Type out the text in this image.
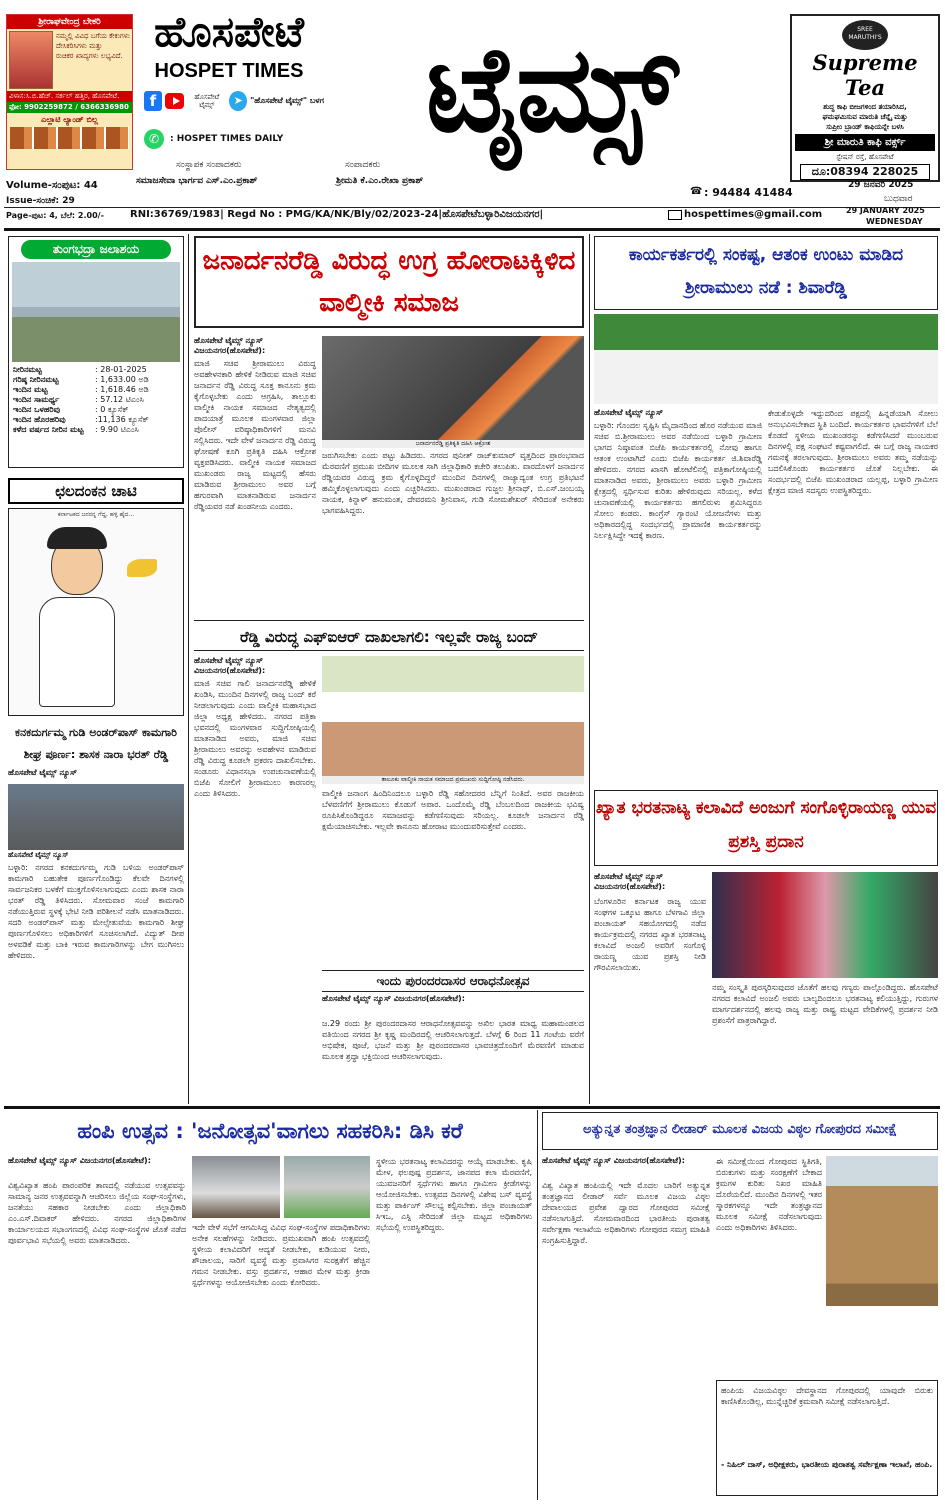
ಶ್ರೀರಾಘವೇಂದ್ರ ಬೇಕರಿ
ನಮ್ಮಲ್ಲಿ ವಿವಿಧ ಬಗೆಯ ಕೇಕುಗಳು
ದೇಸಿಕರಿಸಿಗಳು ಮತ್ತು
ರುಚಿಕರ ಖಾದ್ಯಗಳು ಲಭ್ಯವಿದೆ.
ವಿಳಾಸ:ಸಿ.ಬಿ.ಹೆಚ್. ಸರ್ಕಲ್ ಹತ್ತಿರ, ಹೊಸಪೇಟೆ.
ಫೋ: 9902259872 / 6366336980
ಎಲ್ಲಾಟಿ ಲ್ಯಾಂಡ್ ಬಿಲ್ಲ
ಹೊಸಪೇಟೆ
HOSPET TIMES	ಟೈಮ್ಸ್
f	ಹೊಸಪೇಟೆ ಟೈಮ್ಸ್	➤ "ಹೊಸಪೇಟೆ ಟೈಮ್ಸ್" ಬಳಗ
✆	: HOSPET TIMES DAILY
ಸಂಸ್ಥಾಪಕ ಸಂಪಾದಕರು	ಸಂಪಾದಕರು
ಸಮಾಜಸೇವಾ ಭಾರ್ಗವ ಎಸ್.ಎಂ.ಪ್ರಕಾಶ್	ಶ್ರೀಮತಿ ಕೆ.ಎಂ.ರೇಖಾ ಪ್ರಕಾಶ್
SREE MARUTHI'S
Supreme Tea
ಶುದ್ಧ ಕಾಫಿ ಬೀಜಗಳಿಂದ ತಯಾರಿಸಿದ,
ಘಮಘಮಿಸುವ ಮಾರುತಿ ಚೆನ್ನೈ ಮತ್ತು
ಸುಪ್ರೀಂ ಬ್ರಾಂಡ್ ಕಾಫಿಯನ್ನೇ ಬಳಸಿ
ಶ್ರೀ ಮಾರುತಿ ಕಾಫಿ ವರ್ಕ್ಸ್
ಸ್ಟೇಷನ್ ರಸ್ತೆ, ಹೊಸಪೇಟೆ
ದೂ:08394 228025
☎ : 94484 41484
29 ಜನವರಿ 2025
ಬುಧವಾರ
Volume-ಸಂಪುಟ: 44
Issue-ಸಂಚಿಕೆ: 29
Page-ಪುಟ: 4, ಬೆಲೆ: 2.00/-	RNI:36769/1983| Regd No : PMG/KA/NK/Bly/02/2023-24|ಹೊಸಪೇಟೆಬಳ್ಳಾರಿವಿಜಯನಗರ|	hospettimes@gmail.com	29 JANUARY 2025
WEDNESDAY
ತುಂಗಭದ್ರಾ ಜಲಾಶಯ
ನೀರಿನಮಟ್ಟ	: 28-01-2025
ಗರಿಷ್ಠ ನೀರಿನಮಟ್ಟ	: 1,633.00 ಅಡಿ
ಇಂದಿನ ಮಟ್ಟ	: 1,618.46 ಅಡಿ
ಇಂದಿನ ಸಾಮರ್ಥ್ಯ	: 57.12 ಟಿಎಂಸಿ
ಇಂದಿನ ಒಳಹರಿವು	: 0 ಕ್ಯೂಸೆಕ್
ಇಂದಿನ ಹೊರಹರಿವು	:11,136 ಕ್ಯೂಸೆಕ್
ಕಳೆದ ವರ್ಷದ ನೀರಿನ ಮಟ್ಟ	: 9.90 ಟಿಎಂಸಿ
ಛಲದಂಕನ ಚಾಟಿ
ಕರ್ನಾಟಕದ ಜನರನ್ನ ಗೆದ್ದ, ಹಳ್ಳಿ ಹೈದ...
ಕನಕದುರ್ಗಮ್ಮ ಗುಡಿ ಅಂಡರ್‌ಪಾಸ್ ಕಾಮಗಾರಿ ಶೀಘ್ರ ಪೂರ್ಣ: ಶಾಸಕ ನಾರಾ ಭರತ್ ರೆಡ್ಡಿ
ಹೊಸಪೇಟೆ ಟೈಮ್ಸ್ ನ್ಯೂಸ್
ಹೊಸಪೇಟೆ ಟೈಮ್ಸ್ ನ್ಯೂಸ್
ಬಳ್ಳಾರಿ: ನಗರದ ಕನಕದುರ್ಗಮ್ಮ ಗುಡಿ ಬಳಿಯ ಅಂಡರ್‌ಪಾಸ್ ಕಾಮಗಾರಿ ಬಹುತೇಕ ಪೂರ್ಣಗೊಂಡಿದ್ದು ಕೆಲವೇ ದಿನಗಳಲ್ಲಿ ಸಾರ್ವಜನಿಕರ ಬಳಕೆಗೆ ಮುಕ್ತಗೊಳಿಸಲಾಗುವುದು ಎಂದು ಶಾಸಕ ನಾರಾ ಭರತ್ ರೆಡ್ಡಿ ತಿಳಿಸಿದರು. ಸೋಮವಾರ ಸಂಜೆ ಕಾಮಗಾರಿ ನಡೆಯುತ್ತಿರುವ ಸ್ಥಳಕ್ಕೆ ಭೇಟಿ ನೀಡಿ ಪರಿಶೀಲನೆ ನಡೆಸಿ ಮಾತನಾಡಿದರು. ಸದರಿ ಅಂಡರ್‌ಪಾಸ್ ಮತ್ತು ಮೇಲ್ಸೇತುವೆಯ ಕಾಮಗಾರಿ ಶೀಘ್ರ ಪೂರ್ಣಗೊಳಿಸಲು ಅಧಿಕಾರಿಗಳಿಗೆ ಸೂಚಿಸಲಾಗಿದೆ. ವಿದ್ಯುತ್ ದೀಪ ಅಳವಡಿಕೆ ಮತ್ತು ಬಾಕಿ ಇರುವ ಕಾಮಗಾರಿಗಳನ್ನು ಬೇಗ ಮುಗಿಸಲು ಹೇಳಿದರು.
ಜನಾರ್ದನರೆಡ್ಡಿ ವಿರುದ್ಧ ಉಗ್ರ ಹೋರಾಟಕ್ಕಿಳಿದ ವಾಲ್ಮೀಕಿ ಸಮಾಜ
ಹೊಸಪೇಟೆ ಟೈಮ್ಸ್ ನ್ಯೂಸ್ ವಿಜಯನಗರ(ಹೊಸಪೇಟೆ):
ಮಾಜಿ ಸಚಿವ ಶ್ರೀರಾಮುಲು ವಿರುದ್ಧ ಅವಹೇಳನಕಾರಿ ಹೇಳಿಕೆ ನೀಡಿರುವ ಮಾಜಿ ಸಚಿವ ಜನಾರ್ದನ ರೆಡ್ಡಿ ವಿರುದ್ಧ ಸೂಕ್ತ ಕಾನೂನು ಕ್ರಮ ಕೈಗೊಳ್ಳಬೇಕು ಎಂದು ಆಗ್ರಹಿಸಿ, ತಾಲ್ಲೂಕು ವಾಲ್ಮೀಕಿ ನಾಯಕ ಸಮಾಜದ ನೇತೃತ್ವದಲ್ಲಿ ಪಾದಯಾತ್ರೆ ಮೂಲಕ ಮಂಗಳವಾರ ಜಿಲ್ಲಾ ಪೊಲೀಸ್ ವರಿಷ್ಠಾಧಿಕಾರಿಗಳಿಗೆ ಮನವಿ ಸಲ್ಲಿಸಿದರು. ಇದೇ ವೇಳೆ ಜನಾರ್ದನ ರೆಡ್ಡಿ ವಿರುದ್ಧ ಘೋಷಣೆ ಕೂಗಿ ಪ್ರತಿಕೃತಿ ದಹಿಸಿ ಆಕ್ರೋಶ ವ್ಯಕ್ತಪಡಿಸಿದರು. ವಾಲ್ಮೀಕಿ ನಾಯಕ ಸಮಾಜದ ಮುಖಂಡರು ರಾಜ್ಯ ಮಟ್ಟದಲ್ಲಿ ಹೆಸರು ಮಾಡಿರುವ ಶ್ರೀರಾಮುಲು ಅವರ ಬಗ್ಗೆ ಹಗುರವಾಗಿ ಮಾತನಾಡಿರುವ ಜನಾರ್ದನ ರೆಡ್ಡಿಯವರ ನಡೆ ಖಂಡನೀಯ ಎಂದರು.
ಜನಾರ್ದನರೆಡ್ಡಿ ಪ್ರತಿಕೃತಿ ದಹಿಸಿ ಆಕ್ರೋಶ
ಜರುಗಿಸಬೇಕು ಎಂದು ಪಟ್ಟು ಹಿಡಿದರು. ನಗರದ ಪುನೀತ್ ರಾಜ್‌ಕುಮಾರ್ ವೃತ್ತದಿಂದ ಪ್ರಾರಂಭವಾದ ಮೆರವಣಿಗೆ ಪ್ರಮುಖ ಬೀದಿಗಳ ಮೂಲಕ ಸಾಗಿ ಜಿಲ್ಲಾಧಿಕಾರಿ ಕಚೇರಿ ತಲುಪಿತು. ವಾರದೊಳಗೆ ಜನಾರ್ದನ ರೆಡ್ಡಿಯವರ ವಿರುದ್ಧ ಕ್ರಮ ಕೈಗೊಳ್ಳದಿದ್ದರೆ ಮುಂದಿನ ದಿನಗಳಲ್ಲಿ ರಾಜ್ಯಾದ್ಯಂತ ಉಗ್ರ ಪ್ರತಿಭಟನೆ ಹಮ್ಮಿಕೊಳ್ಳಲಾಗುವುದು ಎಂದು ಎಚ್ಚರಿಸಿದರು. ಮುಖಂಡರಾದ ಗುಜ್ಜಲ ಶ್ರೀನಾಥ್, ಬಿ.ಎಸ್.ಜಂಬಯ್ಯ ನಾಯಕ, ಕಿನ್ನಾಳ್ ಹನುಮಂತ, ದೇವರಮನಿ ಶ್ರೀನಿವಾಸ, ಗುಡಿ ಸೋಮಶೇಖರ್ ಸೇರಿದಂತೆ ಅನೇಕರು ಭಾಗವಹಿಸಿದ್ದರು.
ರೆಡ್ಡಿ ವಿರುದ್ಧ ಎಫ್‌ಐಆರ್ ದಾಖಲಾಗಲಿ: ಇಲ್ಲವೇ ರಾಜ್ಯ ಬಂದ್
ಹೊಸಪೇಟೆ ಟೈಮ್ಸ್ ನ್ಯೂಸ್ ವಿಜಯನಗರ(ಹೊಸಪೇಟೆ):
ಮಾಜಿ ಸಚಿವ ಗಾಲಿ ಜನಾರ್ದನರೆಡ್ಡಿ ಹೇಳಿಕೆ ಖಂಡಿಸಿ, ಮುಂದಿನ ದಿನಗಳಲ್ಲಿ ರಾಜ್ಯ ಬಂದ್ ಕರೆ ನೀಡಲಾಗುವುದು ಎಂದು ವಾಲ್ಮೀಕಿ ಮಹಾಸಭಾದ ಜಿಲ್ಲಾ ಅಧ್ಯಕ್ಷ ಹೇಳಿದರು. ನಗರದ ಪತ್ರಿಕಾ ಭವನದಲ್ಲಿ ಮಂಗಳವಾರ ಸುದ್ದಿಗೋಷ್ಠಿಯಲ್ಲಿ ಮಾತನಾಡಿದ ಅವರು, ಮಾಜಿ ಸಚಿವ ಶ್ರೀರಾಮುಲು ಅವರನ್ನು ಅವಹೇಳನ ಮಾಡಿರುವ ರೆಡ್ಡಿ ವಿರುದ್ಧ ಕೂಡಲೇ ಪ್ರಕರಣ ದಾಖಲಿಸಬೇಕು. ಸಂಡೂರು ವಿಧಾನಸಭಾ ಉಪಚುನಾವಣೆಯಲ್ಲಿ ಬಿಜೆಪಿ ಸೋಲಿಗೆ ಶ್ರೀರಾಮುಲು ಕಾರಣರಲ್ಲ ಎಂದು ತಿಳಿಸಿದರು.
ತಾಲೂಕು ವಾಲ್ಮೀಕಿ ನಾಯಕ ಸಮಾಜದ ಪ್ರಮುಖರು ಸುದ್ದಿಗೋಷ್ಠಿ ನಡೆಸಿದರು.
ವಾಲ್ಮೀಕಿ ಜನಾಂಗ ಹಿಂದಿನಿಂದಲೂ ಬಳ್ಳಾರಿ ರೆಡ್ಡಿ ಸಹೋದರರ ಬೆನ್ನಿಗೆ ನಿಂತಿದೆ. ಅವರ ರಾಜಕೀಯ ಬೆಳವಣಿಗೆಗೆ ಶ್ರೀರಾಮುಲು ಕೊಡುಗೆ ಅಪಾರ. ಒಂದೊಮ್ಮೆ ರೆಡ್ಡಿ ಬೆಂಬಲದಿಂದ ರಾಜಕೀಯ ಭವಿಷ್ಯ ರೂಪಿಸಿಕೊಂಡಿದ್ದರೂ ಸಮಾಜವನ್ನು ಕಡೆಗಣಿಸುವುದು ಸರಿಯಲ್ಲ. ಕೂಡಲೇ ಜನಾರ್ದನ ರೆಡ್ಡಿ ಕ್ಷಮೆಯಾಚಿಸಬೇಕು. ಇಲ್ಲವೇ ಕಾನೂನು ಹೋರಾಟ ಮುಂದುವರಿಸುತ್ತೇವೆ ಎಂದರು.
ಇಂದು ಪುರಂದರದಾಸರ ಆರಾಧನೋತ್ಸವ
ಹೊಸಪೇಟೆ ಟೈಮ್ಸ್ ನ್ಯೂಸ್ ವಿಜಯನಗರ(ಹೊಸಪೇಟೆ):
ಜ.29 ರಂದು ಶ್ರೀ ಪುರಂದರದಾಸರ ಆರಾಧನೋತ್ಸವವನ್ನು ಅಖಿಲ ಭಾರತ ಮಾಧ್ವ ಮಹಾಮಂಡಲದ ವತಿಯಿಂದ ನಗರದ ಶ್ರೀ ಕೃಷ್ಣ ಮಂದಿರದಲ್ಲಿ ಆಚರಿಸಲಾಗುತ್ತದೆ. ಬೆಳಗ್ಗೆ 6 ರಿಂದ 11 ಗಂಟೆಯ ವರೆಗೆ ಅಭಿಷೇಕ, ಪೂಜೆ, ಭಜನೆ ಮತ್ತು ಶ್ರೀ ಪುರಂದರದಾಸರ ಭಾವಚಿತ್ರದೊಂದಿಗೆ ಮೆರವಣಿಗೆ ಮಾಡುವ ಮೂಲಕ ಶ್ರದ್ಧಾ ಭಕ್ತಿಯಿಂದ ಆಚರಿಸಲಾಗುವುದು.
ಕಾರ್ಯಕರ್ತರಲ್ಲಿ ಸಂಕಷ್ಟ, ಆತಂಕ ಉಂಟು ಮಾಡಿದ ಶ್ರೀರಾಮುಲು ನಡೆ : ಶಿವಾರೆಡ್ಡಿ
ಹೊಸಪೇಟೆ ಟೈಮ್ಸ್ ನ್ಯೂಸ್
ಬಳ್ಳಾರಿ: ಗೊಂದಲ ಸೃಷ್ಟಿಸಿ ಮೈದಾನದಿಂದ ಹೊರ ನಡೆಯುವ ಮಾಜಿ ಸಚಿವ ಬಿ.ಶ್ರೀರಾಮುಲು ಅವರ ನಡೆಯಿಂದ ಬಳ್ಳಾರಿ ಗ್ರಾಮೀಣ ಭಾಗದ ನಿಷ್ಠಾವಂತ ಬಿಜೆಪಿ ಕಾರ್ಯಕರ್ತರಲ್ಲಿ ನೋವು ಹಾಗೂ ಆತಂಕ ಉಂಟಾಗಿದೆ ಎಂದು ಬಿಜೆಪಿ ಕಾರ್ಯಕರ್ತ ಜಿ.ಶಿವಾರೆಡ್ಡಿ ಹೇಳಿದರು. ನಗರದ ಖಾಸಗಿ ಹೋಟೆಲಿನಲ್ಲಿ ಪತ್ರಿಕಾಗೋಷ್ಠಿಯಲ್ಲಿ ಮಾತನಾಡಿದ ಅವರು, ಶ್ರೀರಾಮುಲು ಅವರು ಬಳ್ಳಾರಿ ಗ್ರಾಮೀಣ ಕ್ಷೇತ್ರದಲ್ಲಿ ಸ್ಪರ್ಧಿಸುವ ಕುರಿತು ಹೇಳಿರುವುದು ಸರಿಯಲ್ಲ. ಕಳೆದ ಚುನಾವಣೆಯಲ್ಲಿ ಕಾರ್ಯಕರ್ತರು ಹಗಲಿರುಳು ಶ್ರಮಿಸಿದ್ದರೂ ಸೋಲು ಕಂಡರು. ಕಾಂಗ್ರೆಸ್ ಗ್ಯಾರಂಟಿ ಯೋಜನೆಗಳು ಮತ್ತು ಅಧಿಕಾರದಲ್ಲಿದ್ದ ಸಂದರ್ಭದಲ್ಲಿ ಪ್ರಾಮಾಣಿಕ ಕಾರ್ಯಕರ್ತರನ್ನು ನಿರ್ಲಕ್ಷಿಸಿದ್ದೇ ಇದಕ್ಕೆ ಕಾರಣ.
ಕೇಡುಕೊಳ್ಳದೇ ಇದ್ದುದರಿಂದ ಪಕ್ಷದಲ್ಲಿ ಹಿನ್ನಡೆಯಾಗಿ ಸೋಲು ಅನುಭವಿಸಬೇಕಾದ ಸ್ಥಿತಿ ಬಂದಿದೆ. ಕಾರ್ಯಕರ್ತರ ಭಾವನೆಗಳಿಗೆ ಬೆಲೆ ಕೊಡದೆ ಸ್ಥಳೀಯ ಮುಖಂಡರನ್ನು ಕಡೆಗಣಿಸಿದರೆ ಮುಂಬರುವ ದಿನಗಳಲ್ಲಿ ಪಕ್ಷ ಸಂಘಟನೆ ಕಷ್ಟವಾಗಲಿದೆ. ಈ ಬಗ್ಗೆ ರಾಜ್ಯ ನಾಯಕರ ಗಮನಕ್ಕೆ ತರಲಾಗುವುದು. ಶ್ರೀರಾಮುಲು ಅವರು ತಮ್ಮ ನಡೆಯನ್ನು ಬದಲಿಸಿಕೊಂಡು ಕಾರ್ಯಕರ್ತರ ಜೊತೆ ನಿಲ್ಲಬೇಕು. ಈ ಸಂದರ್ಭದಲ್ಲಿ ಬಿಜೆಪಿ ಮುಖಂಡರಾದ ಯಲ್ಲಪ್ಪ, ಬಳ್ಳಾರಿ ಗ್ರಾಮೀಣ ಕ್ಷೇತ್ರದ ಮಾಜಿ ಸದಸ್ಯರು ಉಪಸ್ಥಿತರಿದ್ದರು.
ಖ್ಯಾತ ಭರತನಾಟ್ಯ ಕಲಾವಿದೆ ಅಂಜುಗೆ ಸಂಗೊಳ್ಳಿರಾಯಣ್ಣ ಯುವ ಪ್ರಶಸ್ತಿ ಪ್ರದಾನ
ಹೊಸಪೇಟೆ ಟೈಮ್ಸ್ ನ್ಯೂಸ್ ವಿಜಯನಗರ(ಹೊಸಪೇಟೆ):
ಬೆಂಗಳೂರಿನ ಕರ್ನಾಟಕ ರಾಜ್ಯ ಯುವ ಸಂಘಗಳ ಒಕ್ಕೂಟ ಹಾಗೂ ಬೆಳಗಾವಿ ಜಿಲ್ಲಾ ಪಂಚಾಯತ್ ಸಹಯೋಗದಲ್ಲಿ ನಡೆದ ಕಾರ್ಯಕ್ರಮದಲ್ಲಿ ನಗರದ ಖ್ಯಾತ ಭರತನಾಟ್ಯ ಕಲಾವಿದೆ ಅಂಜಲಿ ಅವರಿಗೆ ಸಂಗೊಳ್ಳಿ ರಾಯಣ್ಣ ಯುವ ಪ್ರಶಸ್ತಿ ನೀಡಿ ಗೌರವಿಸಲಾಯಿತು.
ನಮ್ಮ ಸಂಸ್ಕೃತಿ ಪುರಸ್ಕರಿಸುವುದರ ಜೊತೆಗೆ ಹಲವು ಗಣ್ಯರು ಪಾಲ್ಗೊಂಡಿದ್ದರು. ಹೊಸಪೇಟೆ ನಗರದ ಕಲಾವಿದೆ ಅಂಜಲಿ ಅವರು ಬಾಲ್ಯದಿಂದಲೂ ಭರತನಾಟ್ಯ ಕಲಿಯುತ್ತಿದ್ದು, ಗುರುಗಳ ಮಾರ್ಗದರ್ಶನದಲ್ಲಿ ಹಲವು ರಾಜ್ಯ ಮತ್ತು ರಾಷ್ಟ್ರ ಮಟ್ಟದ ವೇದಿಕೆಗಳಲ್ಲಿ ಪ್ರದರ್ಶನ ನೀಡಿ ಪ್ರಶಂಸೆಗೆ ಪಾತ್ರರಾಗಿದ್ದಾರೆ.
ಹಂಪಿ ಉತ್ಸವ : 'ಜನೋತ್ಸವ'ವಾಗಲು ಸಹಕರಿಸಿ: ಡಿಸಿ ಕರೆ
ಹೊಸಪೇಟೆ ಟೈಮ್ಸ್ ನ್ಯೂಸ್ ವಿಜಯನಗರ(ಹೊಸಪೇಟೆ):
ವಿಶ್ವವಿಖ್ಯಾತ ಹಂಪಿ ಪಾರಂಪರಿಕ ತಾಣದಲ್ಲಿ ನಡೆಯುವ ಉತ್ಸವವನ್ನು ಸಾಮಾನ್ಯ ಜನರ ಉತ್ಸವವನ್ನಾಗಿ ಆಚರಿಸಲು ಜಿಲ್ಲೆಯ ಸಂಘ-ಸಂಸ್ಥೆಗಳು, ಜನತೆಯು ಸಹಕಾರ ನೀಡಬೇಕು ಎಂದು ಜಿಲ್ಲಾಧಿಕಾರಿ ಎಂ.ಎಸ್.ದಿವಾಕರ್ ಹೇಳಿದರು. ನಗರದ ಜಿಲ್ಲಾಧಿಕಾರಿಗಳ ಕಾರ್ಯಾಲಯದ ಸಭಾಂಗಣದಲ್ಲಿ ವಿವಿಧ ಸಂಘ-ಸಂಸ್ಥೆಗಳ ಜೊತೆ ನಡೆದ ಪೂರ್ವಭಾವಿ ಸಭೆಯಲ್ಲಿ ಅವರು ಮಾತನಾಡಿದರು.
ಇದೇ ವೇಳೆ ಸಭೆಗೆ ಆಗಮಿಸಿದ್ದ ವಿವಿಧ ಸಂಘ-ಸಂಸ್ಥೆಗಳ ಪದಾಧಿಕಾರಿಗಳು ಅನೇಕ ಸಲಹೆಗಳನ್ನು ನೀಡಿದರು. ಪ್ರಮುಖವಾಗಿ ಹಂಪಿ ಉತ್ಸವದಲ್ಲಿ ಸ್ಥಳೀಯ ಕಲಾವಿದರಿಗೆ ಆದ್ಯತೆ ನೀಡಬೇಕು, ಕುಡಿಯುವ ನೀರು, ಶೌಚಾಲಯ, ಸಾರಿಗೆ ವ್ಯವಸ್ಥೆ ಮತ್ತು ಪ್ರವಾಸಿಗರ ಸುರಕ್ಷತೆಗೆ ಹೆಚ್ಚಿನ ಗಮನ ನೀಡಬೇಕು. ವಸ್ತು ಪ್ರದರ್ಶನ, ಆಹಾರ ಮೇಳ ಮತ್ತು ಕ್ರೀಡಾ ಸ್ಪರ್ಧೆಗಳನ್ನು ಆಯೋಜಿಸಬೇಕು ಎಂದು ಕೋರಿದರು.
ಸ್ಥಳೀಯ ಭರತನಾಟ್ಯ ಕಲಾವಿದರನ್ನು ಆಯ್ಕೆ ಮಾಡಬೇಕು. ಕೃಷಿ ಮೇಳ, ಫಲಪುಷ್ಪ ಪ್ರದರ್ಶನ, ಜಾನಪದ ಕಲಾ ಮೆರವಣಿಗೆ, ಯುವಜನರಿಗೆ ಸ್ಪರ್ಧೆಗಳು ಹಾಗೂ ಗ್ರಾಮೀಣ ಕ್ರೀಡೆಗಳನ್ನು ಆಯೋಜಿಸಬೇಕು. ಉತ್ಸವದ ದಿನಗಳಲ್ಲಿ ವಿಶೇಷ ಬಸ್ ವ್ಯವಸ್ಥೆ ಮತ್ತು ಪಾರ್ಕಿಂಗ್ ಸೌಲಭ್ಯ ಕಲ್ಪಿಸಬೇಕು. ಜಿಲ್ಲಾ ಪಂಚಾಯತ್ ಸಿಇಒ, ಎಸ್ಪಿ ಸೇರಿದಂತೆ ಜಿಲ್ಲಾ ಮಟ್ಟದ ಅಧಿಕಾರಿಗಳು ಸಭೆಯಲ್ಲಿ ಉಪಸ್ಥಿತರಿದ್ದರು.
ಅತ್ಯುನ್ನತ ತಂತ್ರಜ್ಞಾನ ಲೀಡಾರ್ ಮೂಲಕ ವಿಜಯ ವಿಠ್ಠಲ ಗೋಪುರದ ಸಮೀಕ್ಷೆ
ಹೊಸಪೇಟೆ ಟೈಮ್ಸ್ ನ್ಯೂಸ್ ವಿಜಯನಗರ(ಹೊಸಪೇಟೆ):
ವಿಶ್ವ ವಿಖ್ಯಾತ ಹಂಪಿಯಲ್ಲಿ ಇದೇ ಮೊದಲ ಬಾರಿಗೆ ಅತ್ಯುನ್ನತ ತಂತ್ರಜ್ಞಾನದ ಲೀಡಾರ್ ಸರ್ವೆ ಮೂಲಕ ವಿಜಯ ವಿಠ್ಠಲ ದೇವಾಲಯದ ಪ್ರವೇಶ ದ್ವಾರದ ಗೋಪುರದ ಸಮೀಕ್ಷೆ ನಡೆಸಲಾಗುತ್ತಿದೆ. ಸೋಮವಾರದಿಂದ ಭಾರತೀಯ ಪುರಾತತ್ವ ಸರ್ವೇಕ್ಷಣಾ ಇಲಾಖೆಯ ಅಧಿಕಾರಿಗಳು ಗೋಪುರದ ಸಮಗ್ರ ಮಾಹಿತಿ ಸಂಗ್ರಹಿಸುತ್ತಿದ್ದಾರೆ.
ಈ ಸಮೀಕ್ಷೆಯಿಂದ ಗೋಪುರದ ಸ್ಥಿತಿಗತಿ, ಬಿರುಕುಗಳು ಮತ್ತು ಸಂರಕ್ಷಣೆಗೆ ಬೇಕಾದ ಕ್ರಮಗಳ ಕುರಿತು ನಿಖರ ಮಾಹಿತಿ ದೊರೆಯಲಿದೆ. ಮುಂದಿನ ದಿನಗಳಲ್ಲಿ ಇತರ ಸ್ಮಾರಕಗಳನ್ನೂ ಇದೇ ತಂತ್ರಜ್ಞಾನದ ಮೂಲಕ ಸಮೀಕ್ಷೆ ನಡೆಸಲಾಗುವುದು ಎಂದು ಅಧಿಕಾರಿಗಳು ತಿಳಿಸಿದರು.
ಹಂಪಿಯ ವಿಜಯವಿಠ್ಠಲ ದೇವಸ್ಥಾನದ ಗೋಪುರದಲ್ಲಿ ಯಾವುದೇ ಬಿರುಕು ಕಾಣಿಸಿಕೊಂಡಿಲ್ಲ, ಮುನ್ನೆಚ್ಚರಿಕೆ ಕ್ರಮವಾಗಿ ಸಮೀಕ್ಷೆ ನಡೆಸಲಾಗುತ್ತಿದೆ.
- ನಿಹಿಲ್ ದಾಸ್, ಅಧೀಕ್ಷಕರು, ಭಾರತೀಯ ಪುರಾತತ್ವ ಸರ್ವೇಕ್ಷಣಾ ಇಲಾಖೆ, ಹಂಪಿ.
